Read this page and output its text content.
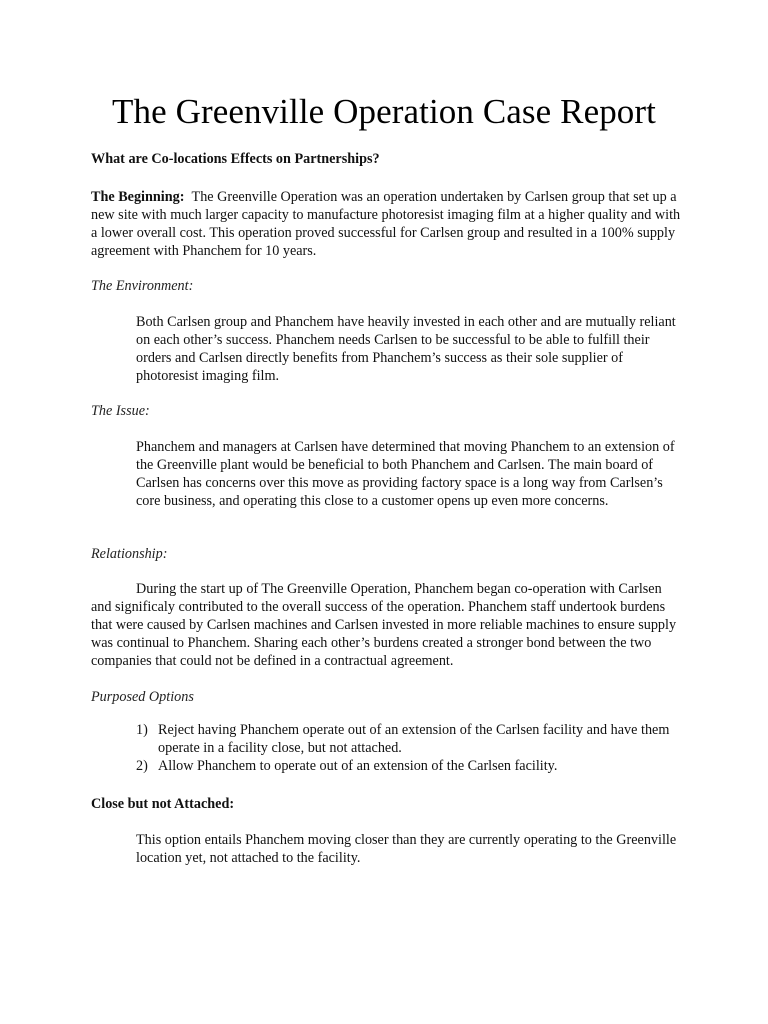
The Greenville Operation Case Report

What are Co-locations Effects on Partnerships?

The Beginning: The Greenville Operation was an operation undertaken by Carlsen group that set up a new site with much larger capacity to manufacture photoresist imaging film at a higher quality and with a lower overall cost. This operation proved successful for Carlsen group and resulted in a 100% supply agreement with Phanchem for 10 years.

The Environment:

Both Carlsen group and Phanchem have heavily invested in each other and are mutually reliant on each other’s success. Phanchem needs Carlsen to be successful to be able to fulfill their orders and Carlsen directly benefits from Phanchem’s success as their sole supplier of photoresist imaging film.

The Issue:

Phanchem and managers at Carlsen have determined that moving Phanchem to an extension of the Greenville plant would be beneficial to both Phanchem and Carlsen. The main board of Carlsen has concerns over this move as providing factory space is a long way from Carlsen’s core business, and operating this close to a customer opens up even more concerns.

Relationship:

During the start up of The Greenville Operation, Phanchem began co-operation with Carlsen and significaly contributed to the overall success of the operation. Phanchem staff undertook burdens that were caused by Carlsen machines and Carlsen invested in more reliable machines to ensure supply was continual to Phanchem. Sharing each other’s burdens created a stronger bond between the two companies that could not be defined in a contractual agreement.

Purposed Options

1) Reject having Phanchem operate out of an extension of the Carlsen facility and have them operate in a facility close, but not attached.
2) Allow Phanchem to operate out of an extension of the Carlsen facility.

Close but not Attached:

This option entails Phanchem moving closer than they are currently operating to the Greenville location yet, not attached to the facility.
